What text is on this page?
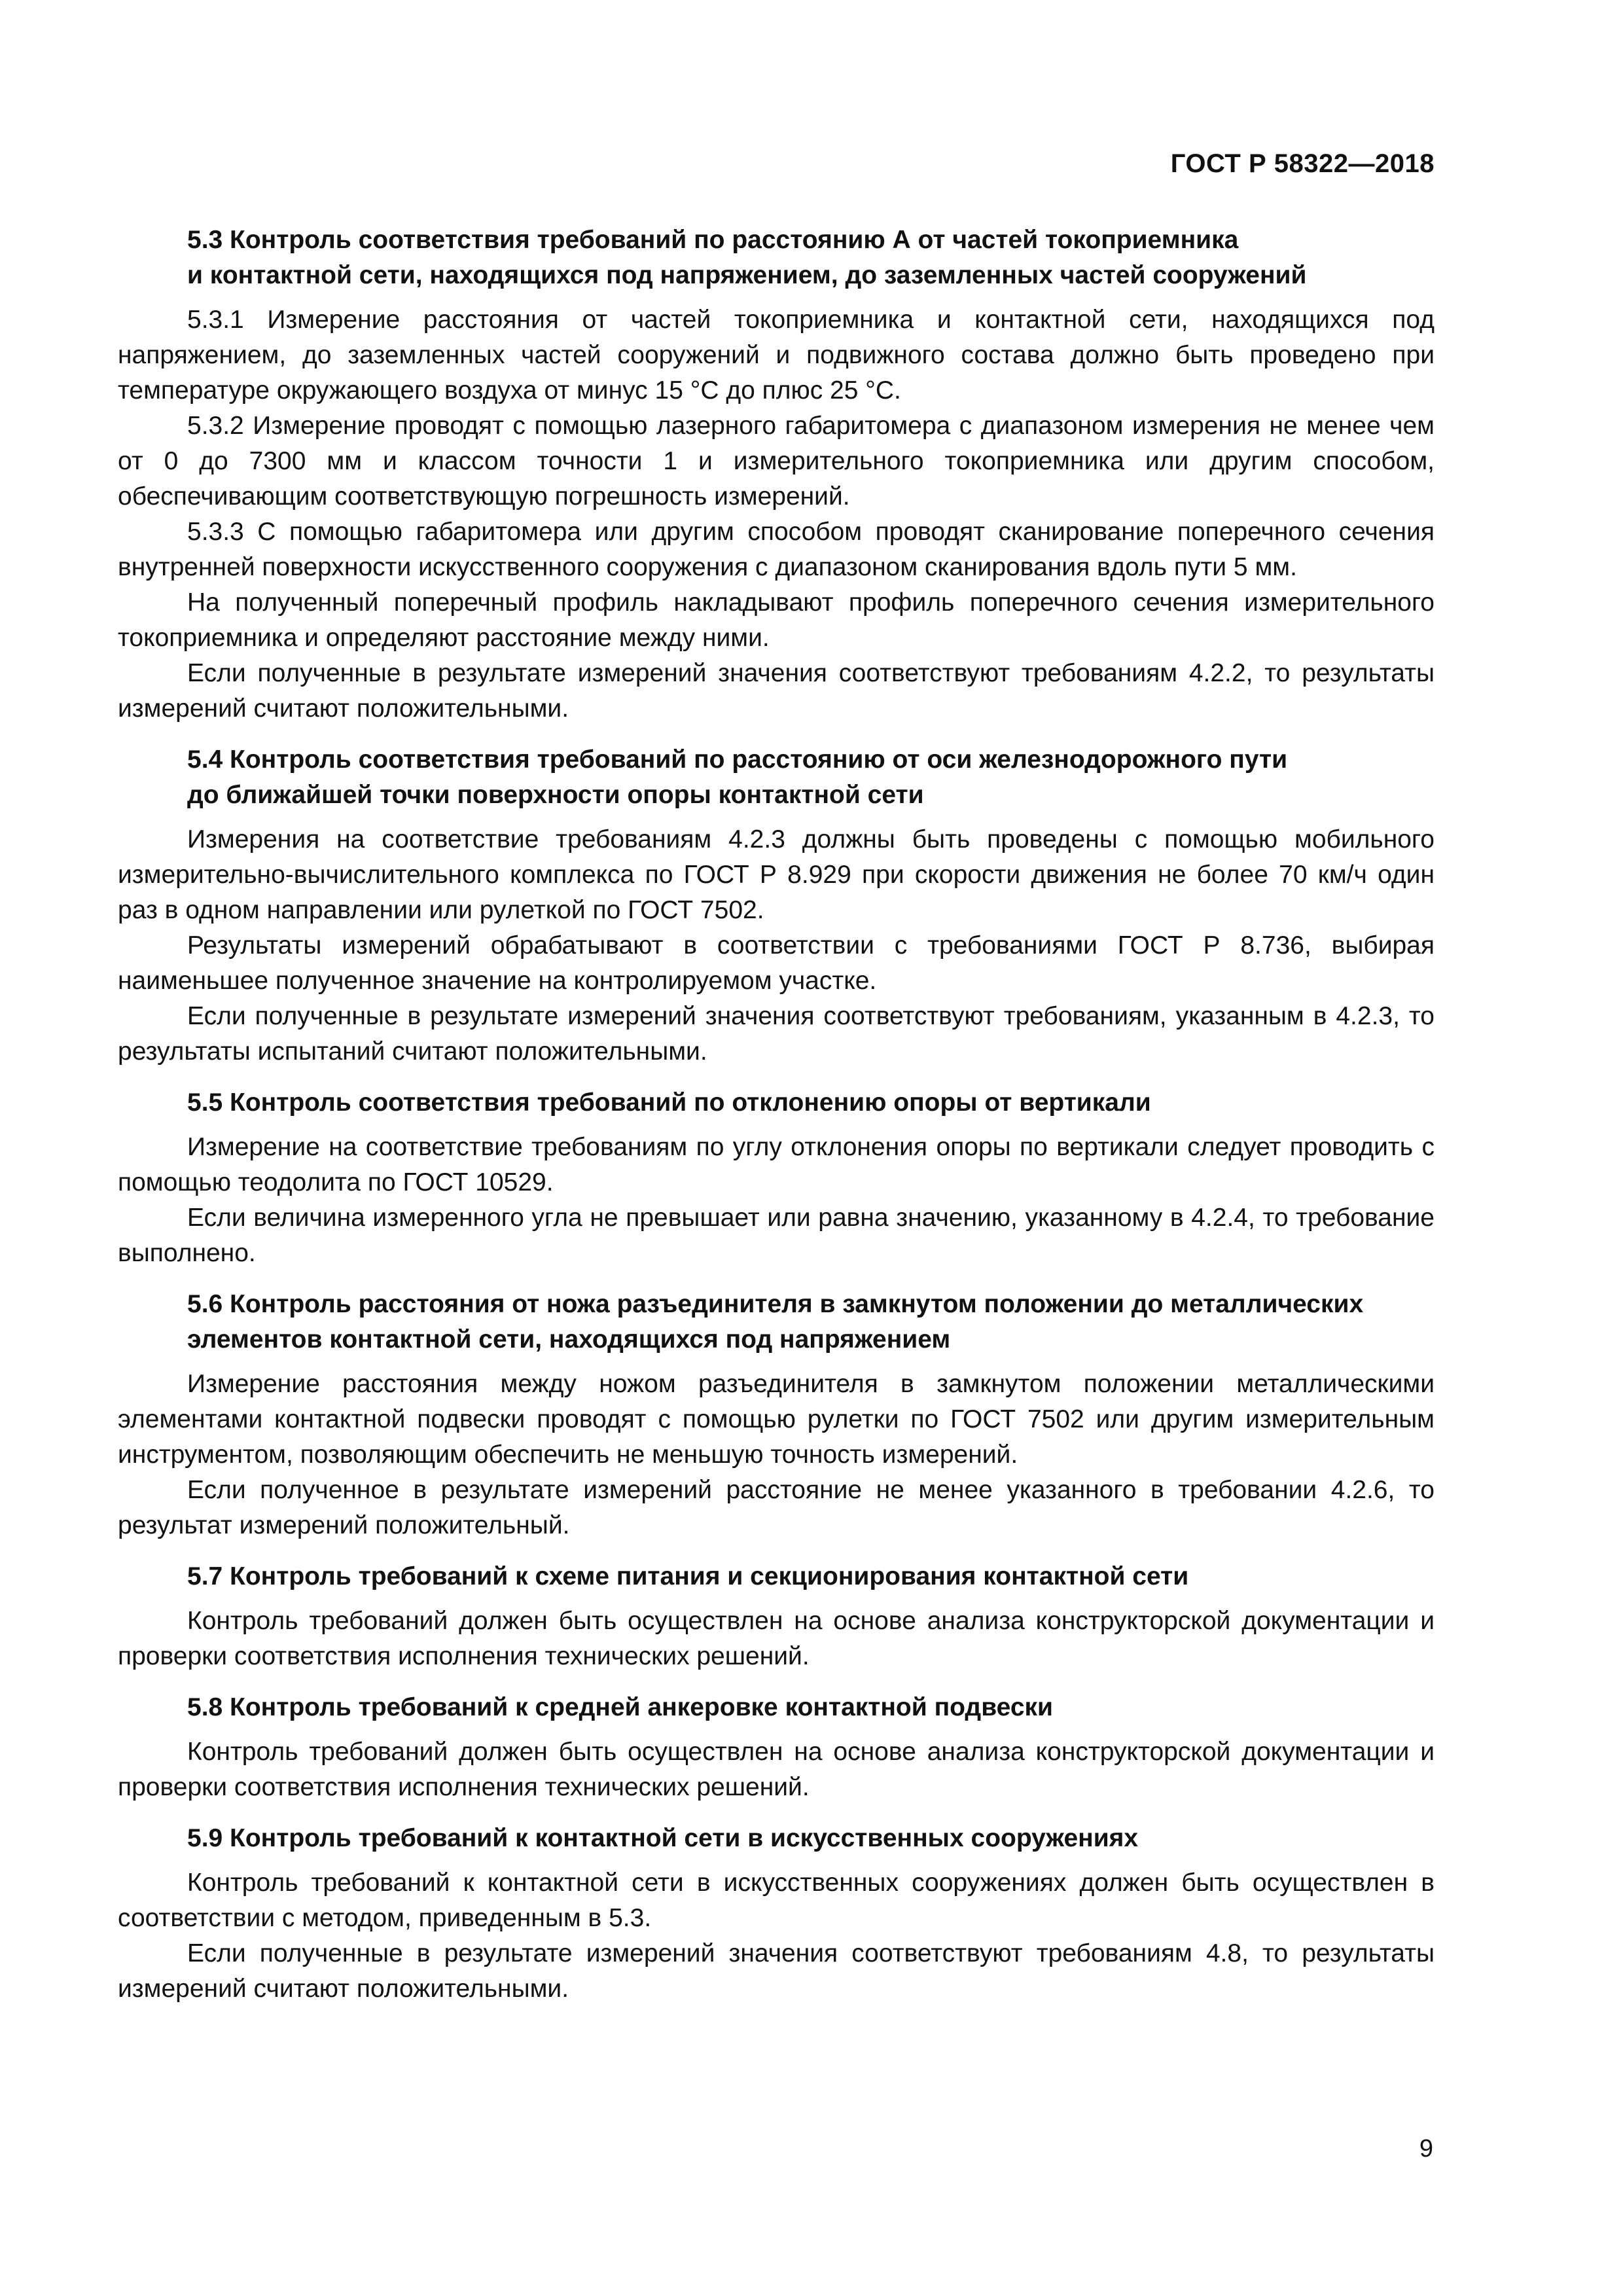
ГОСТ Р 58322—2018
5.3 Контроль соответствия требований по расстоянию А от частей токоприемника
и контактной сети, находящихся под напряжением, до заземленных частей сооружений

5.3.1 Измерение расстояния от частей токоприемника и контактной сети, находящихся под напряжением, до заземленных частей сооружений и подвижного состава должно быть проведено при температуре окружающего воздуха от минус 15 °С до плюс 25 °С.

5.3.2 Измерение проводят с помощью лазерного габаритомера с диапазоном измерения не менее чем от 0 до 7300 мм и классом точности 1 и измерительного токоприемника или другим способом, обеспечивающим соответствующую погрешность измерений.

5.3.3 С помощью габаритомера или другим способом проводят сканирование поперечного сечения внутренней поверхности искусственного сооружения с диапазоном сканирования вдоль пути 5 мм.

На полученный поперечный профиль накладывают профиль поперечного сечения измерительного токоприемника и определяют расстояние между ними.

Если полученные в результате измерений значения соответствуют требованиям 4.2.2, то результаты измерений считают положительными.

5.4 Контроль соответствия требований по расстоянию от оси железнодорожного пути
до ближайшей точки поверхности опоры контактной сети

Измерения на соответствие требованиям 4.2.3 должны быть проведены с помощью мобильного измерительно-вычислительного комплекса по ГОСТ Р 8.929 при скорости движения не более 70 км/ч один раз в одном направлении или рулеткой по ГОСТ 7502.

Результаты измерений обрабатывают в соответствии с требованиями ГОСТ Р 8.736, выбирая наименьшее полученное значение на контролируемом участке.

Если полученные в результате измерений значения соответствуют требованиям, указанным в 4.2.3, то результаты испытаний считают положительными.

5.5 Контроль соответствия требований по отклонению опоры от вертикали

Измерение на соответствие требованиям по углу отклонения опоры по вертикали следует проводить с помощью теодолита по ГОСТ 10529.

Если величина измеренного угла не превышает или равна значению, указанному в 4.2.4, то требование выполнено.

5.6 Контроль расстояния от ножа разъединителя в замкнутом положении до металлических
элементов контактной сети, находящихся под напряжением

Измерение расстояния между ножом разъединителя в замкнутом положении металлическими элементами контактной подвески проводят с помощью рулетки по ГОСТ 7502 или другим измерительным инструментом, позволяющим обеспечить не меньшую точность измерений.

Если полученное в результате измерений расстояние не менее указанного в требовании 4.2.6, то результат измерений положительный.

5.7 Контроль требований к схеме питания и секционирования контактной сети

Контроль требований должен быть осуществлен на основе анализа конструкторской документации и проверки соответствия исполнения технических решений.

5.8 Контроль требований к средней анкеровке контактной подвески

Контроль требований должен быть осуществлен на основе анализа конструкторской документации и проверки соответствия исполнения технических решений.

5.9 Контроль требований к контактной сети в искусственных сооружениях

Контроль требований к контактной сети в искусственных сооружениях должен быть осуществлен в соответствии с методом, приведенным в 5.3.

Если полученные в результате измерений значения соответствуют требованиям 4.8, то результаты измерений считают положительными.

9
